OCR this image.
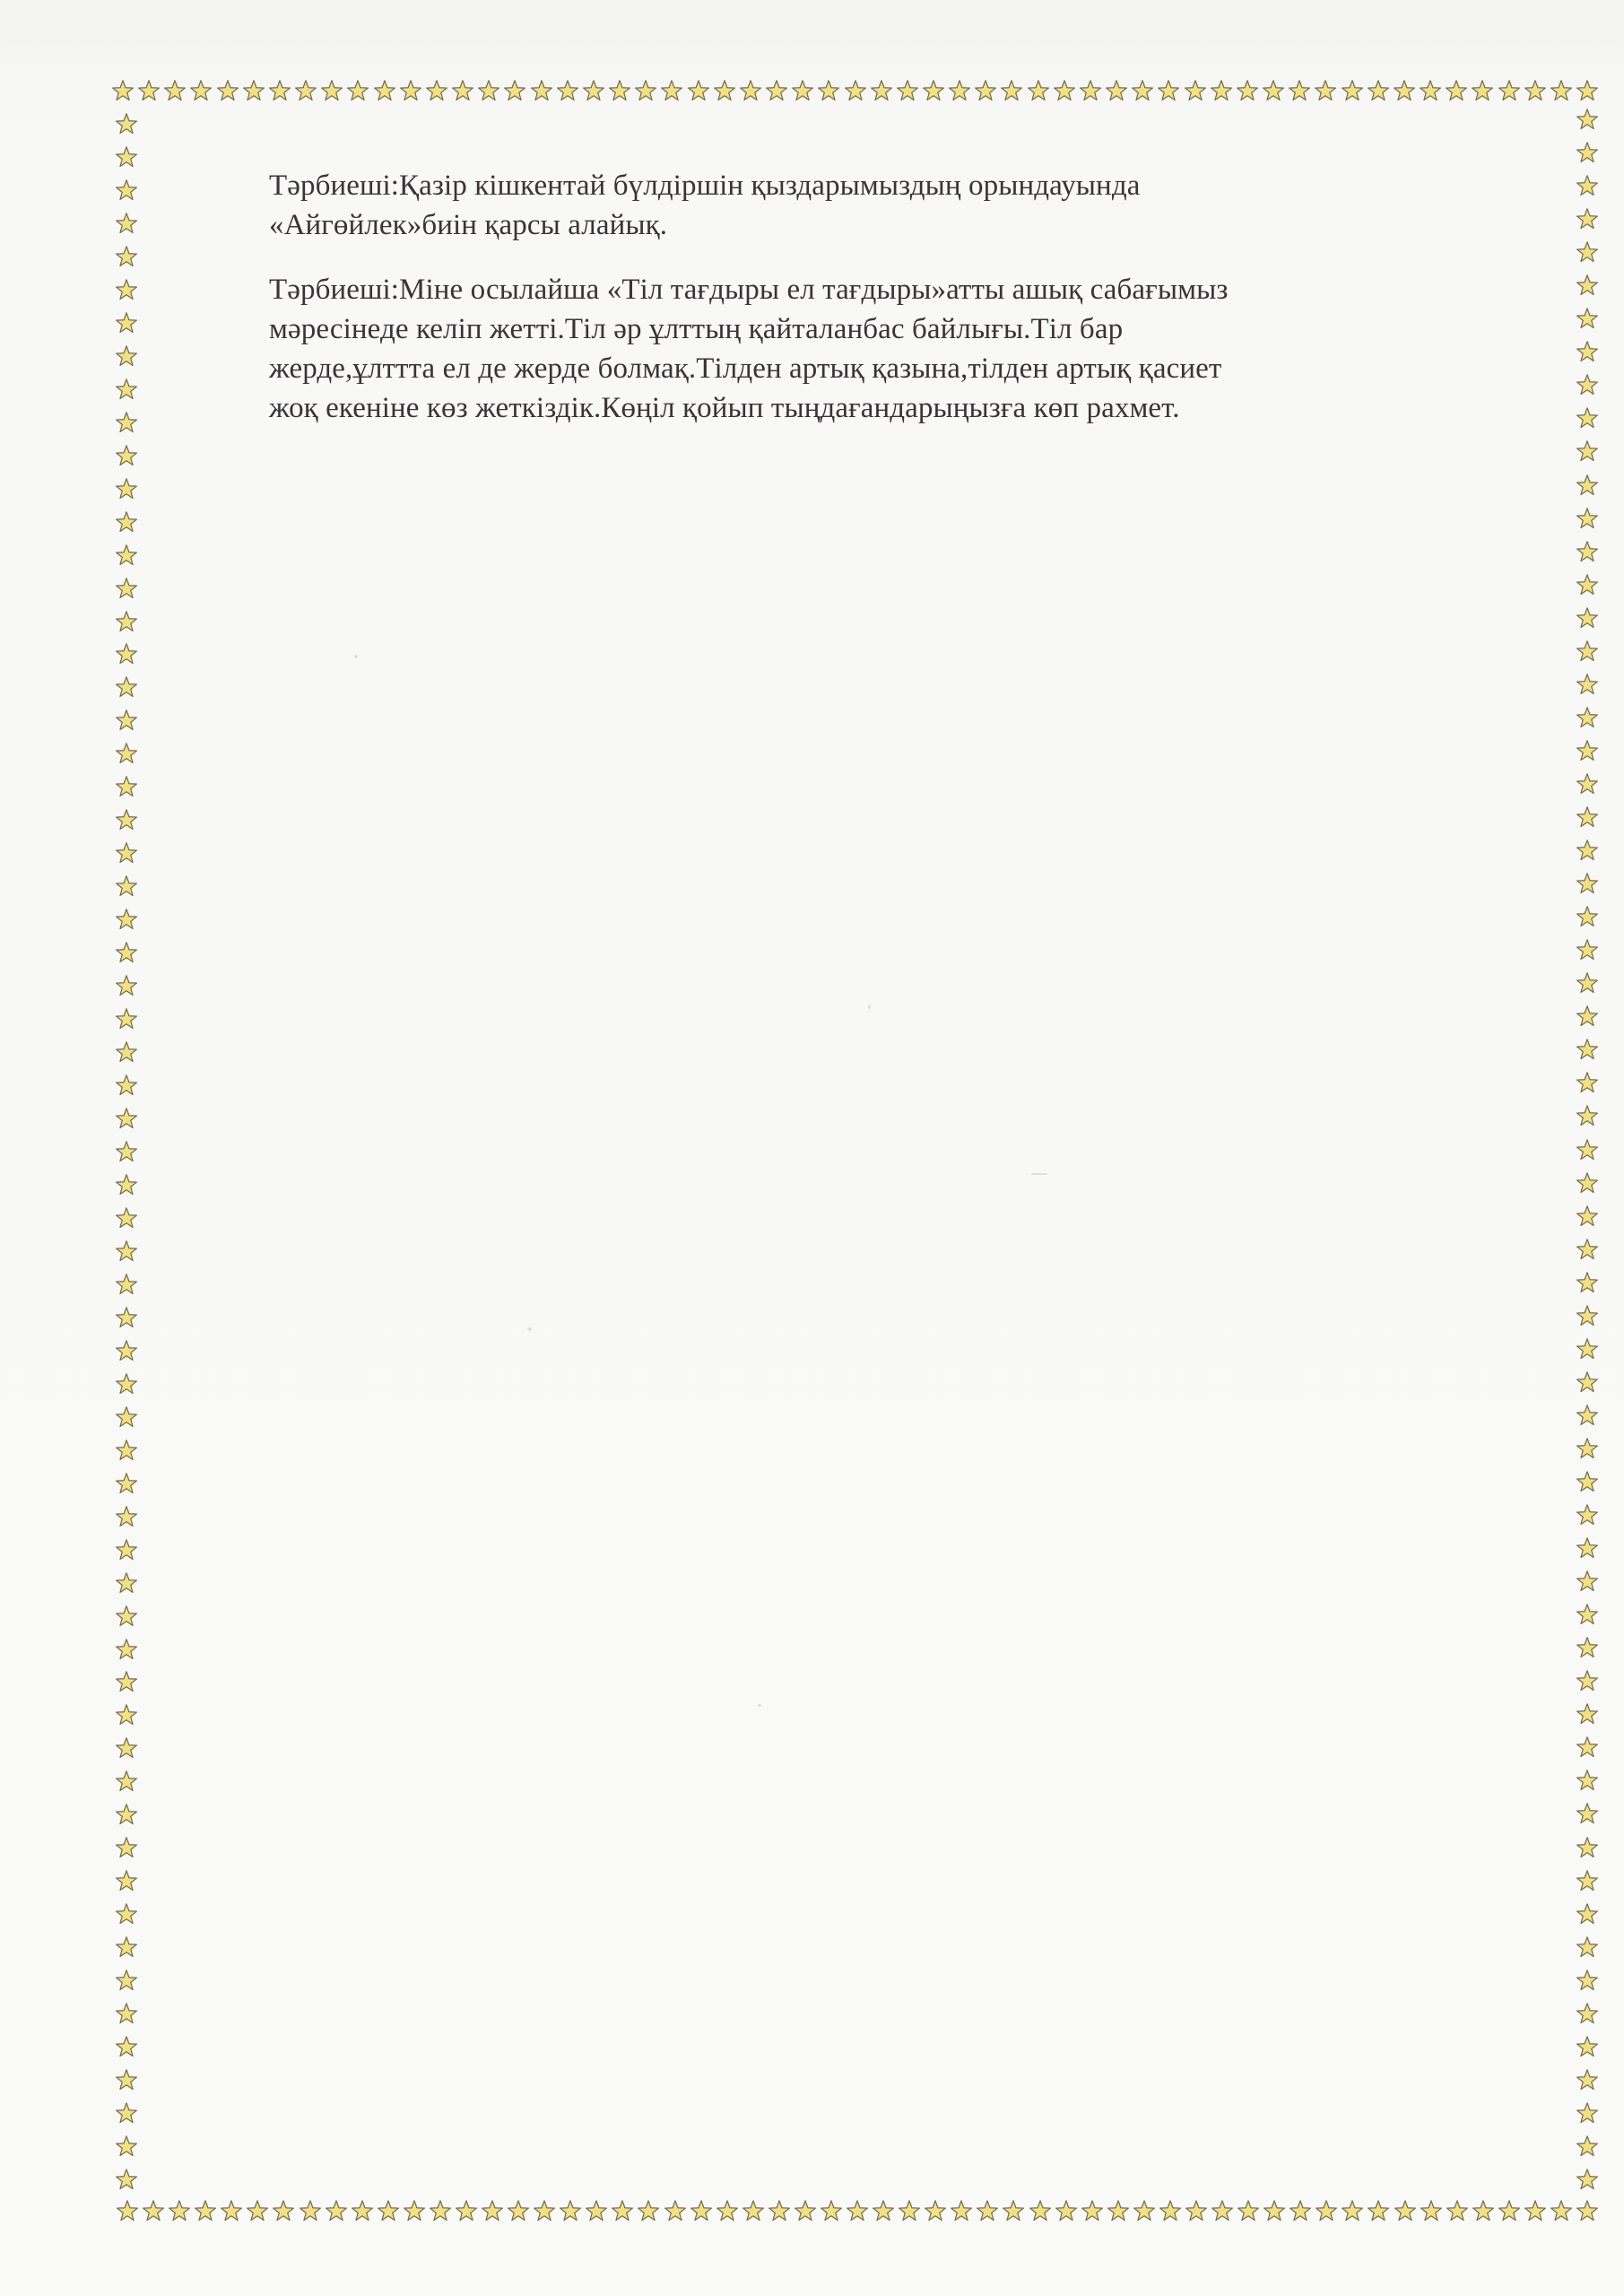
Тәрбиеші:Қазір кішкентай бүлдіршін қыздарымыздың орындауында
«Айгөйлек»биін қарсы алайық.

Тәрбиеші:Міне осылайша «Тіл тағдыры ел тағдыры»атты ашық сабағымыз
мәресінеде келіп жетті.Тіл әр ұлттың қайталанбас байлығы.Тіл бар
жерде,ұлттта ел де жерде болмақ.Тілден артық қазына,тілден артық қасиет
жоқ екеніне көз жеткіздік.Көңіл қойып тыңдағандарыңызға көп рахмет.
